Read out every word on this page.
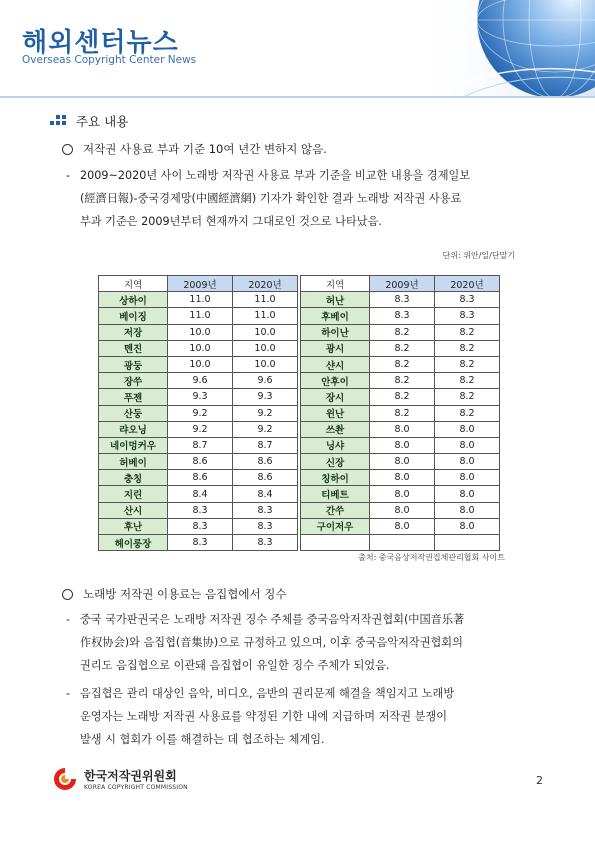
해외센터뉴스
Overseas Copyright Center News
주요 내용
저작권 사용료 부과 기준 10여 년간 변하지 않음.
- 2009~2020년 사이 노래방 저작권 사용료 부과 기준을 비교한 내용을 경제일보
(經濟日報)-중국경제망(中國經濟網) 기자가 확인한 결과 노래방 저작권 사용료
부과 기준은 2009년부터 현재까지 그대로인 것으로 나타났음.
단위: 위안/일/단말기
지역	2009년	2020년
상하이	11.0	11.0
베이징	11.0	11.0
저장	10.0	10.0
톈진	10.0	10.0
광둥	10.0	10.0
장쑤	9.6	9.6
푸젠	9.3	9.3
산둥	9.2	9.2
랴오닝	9.2	9.2
네이멍커우	8.7	8.7
허베이	8.6	8.6
충칭	8.6	8.6
지린	8.4	8.4
산시	8.3	8.3
후난	8.3	8.3
헤이룽장	8.3	8.3
지역	2009년	2020년
허난	8.3	8.3
후베이	8.3	8.3
하이난	8.2	8.2
광시	8.2	8.2
샨시	8.2	8.2
안후이	8.2	8.2
장시	8.2	8.2
윈난	8.2	8.2
쓰촨	8.0	8.0
닝샤	8.0	8.0
신장	8.0	8.0
칭하이	8.0	8.0
티베트	8.0	8.0
간쑤	8.0	8.0
구이저우	8.0	8.0

출처: 중국음상저작권집체관리협회 사이트
노래방 저작권 이용료는 음집협에서 징수
- 중국 국가판권국은 노래방 저작권 징수 주체를 중국음악저작권협회(中国音乐著
作权协会)와 음집협(音集协)으로 규정하고 있으며, 이후 중국음악저작권협회의
권리도 음집협으로 이관돼 음집협이 유일한 징수 주체가 되었음.
- 음집협은 관리 대상인 음악, 비디오, 음반의 권리문제 해결을 책임지고 노래방
운영자는 노래방 저작권 사용료를 약정된 기한 내에 지급하며 저작권 분쟁이
발생 시 협회가 이를 해결하는 데 협조하는 체계임.
한국저작권위원회
KOREA COPYRIGHT COMMISSION
2
